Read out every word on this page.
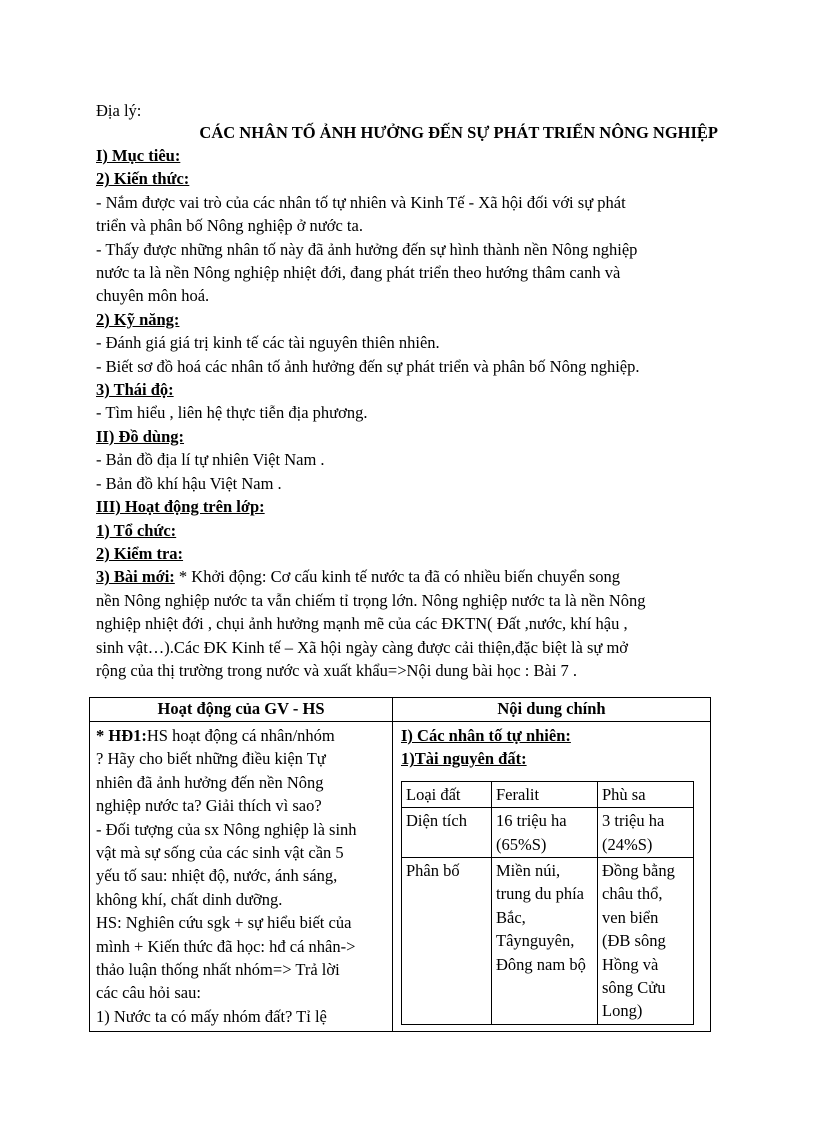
Địa lý:

CÁC NHÂN TỐ ẢNH HƯỞNG ĐẾN SỰ PHÁT TRIỂN NÔNG NGHIỆP

I) Mục tiêu:

2) Kiến thức:

- Nắm được vai trò của các nhân tố tự nhiên và Kinh Tế - Xã hội đối với sự phát

triển và phân bố Nông nghiệp ở nước ta.

- Thấy được những nhân tố này đã ảnh hưởng đến sự hình thành nền Nông nghiệp

nước ta là nền Nông nghiệp nhiệt đới, đang phát triển theo hướng thâm canh và

chuyên môn hoá.

2) Kỹ năng:

- Đánh giá giá trị kinh tế các tài nguyên thiên nhiên.

- Biết sơ đồ hoá các nhân tố ảnh hưởng đến sự phát triển và phân bố Nông nghiệp.

3) Thái độ:

- Tìm hiểu , liên hệ thực tiễn địa phương.

II) Đồ dùng:

- Bản đồ địa lí tự nhiên Việt Nam .

- Bản đồ khí hậu Việt Nam .

III) Hoạt động trên lớp:

1) Tổ chức:

2) Kiểm tra:

3) Bài mới: * Khởi động: Cơ cấu kinh tế nước ta đã có nhiều biến chuyển song

nền Nông nghiệp nước ta vẫn chiếm tỉ trọng lớn. Nông nghiệp nước ta là nền Nông

nghiệp nhiệt đới , chụi ảnh hưởng mạnh mẽ của các ĐKTN( Đất ,nước, khí hậu ,

sinh vật…).Các ĐK Kinh tế – Xã hội ngày càng được cải thiện,đặc biệt là sự mở

rộng của thị trường trong nước và xuất khẩu=>Nội dung bài học : Bài 7 .

Hoạt động của GV - HS	Nội dung chính

* HĐ1:HS hoạt động cá nhân/nhóm
? Hãy cho biết những điều kiện Tự
nhiên đã ảnh hưởng đến nền Nông
nghiệp nước ta? Giải thích vì sao?
- Đối tượng của sx Nông nghiệp là sinh
vật mà sự sống của các sinh vật cần 5
yếu tố sau: nhiệt độ, nước, ánh sáng,
không khí, chất dinh dưỡng.
HS: Nghiên cứu sgk + sự hiểu biết của
mình + Kiến thức đã học: hđ cá nhân->
thảo luận thống nhất nhóm=> Trả lời
các câu hỏi sau:
1) Nước ta có mấy nhóm đất? Tỉ lệ

I) Các nhân tố tự nhiên:
1)Tài nguyên đất:
Loại đất	Feralit	Phù sa
Diện tích	16 triệu ha (65%S)	3 triệu ha (24%S)
Phân bố	Miền núi, trung du phía Bắc, Tâynguyên, Đông nam bộ	Đồng bằng châu thổ, ven biển (ĐB sông Hồng và sông Cửu Long)
